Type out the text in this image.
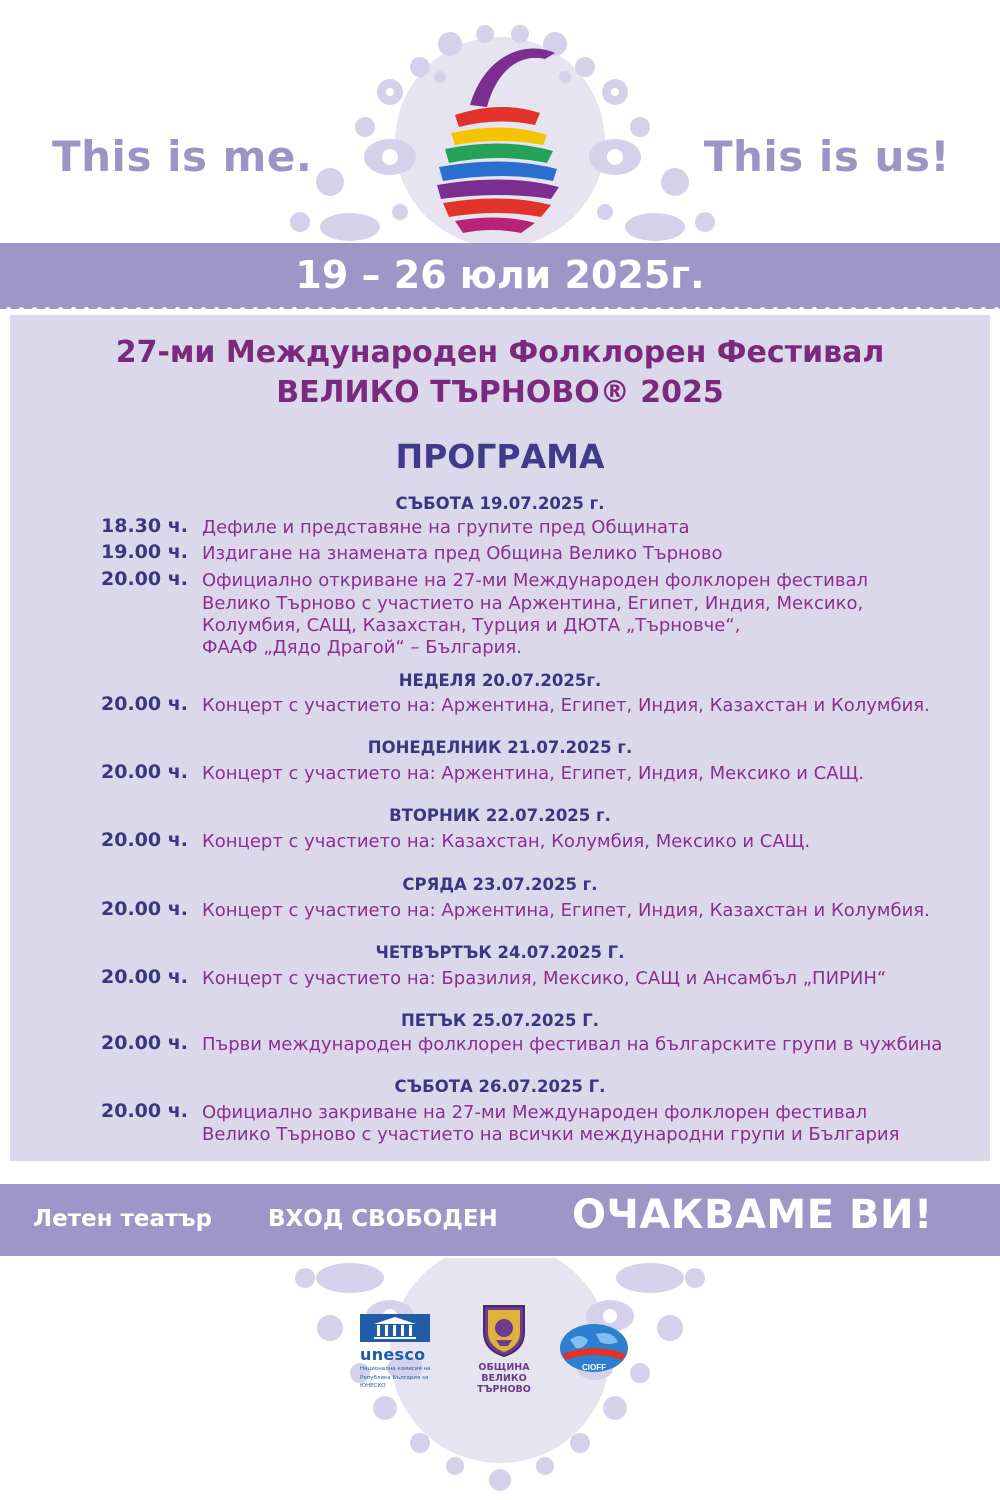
This is me.	This is us!
19 – 26 юли 2025г.
27-ми Международен Фолклорен Фестивал
ВЕЛИКО ТЪРНОВО® 2025
ПРОГРАМА
СЪБОТА 19.07.2025 г.
18.30 ч. Дефиле и представяне на групите пред Общината
19.00 ч. Издигане на знамената пред Община Велико Търново
20.00 ч. Официално откриване на 27-ми Международен фолклорен фестивал
Велико Търново с участието на Аржентина, Египет, Индия, Мексико,
Колумбия, САЩ, Казахстан, Турция и ДЮТА „Търновче“,
ФААФ „Дядо Драгой“ – България.
НЕДЕЛЯ 20.07.2025г.
20.00 ч. Концерт с участието на: Аржентина, Египет, Индия, Казахстан и Колумбия.
ПОНЕДЕЛНИК 21.07.2025 г.
20.00 ч. Концерт с участието на: Аржентина, Египет, Индия, Мексико и САЩ.
ВТОРНИК 22.07.2025 г.
20.00 ч. Концерт с участието на: Казахстан, Колумбия, Мексико и САЩ.
СРЯДА 23.07.2025 г.
20.00 ч. Концерт с участието на: Аржентина, Египет, Индия, Казахстан и Колумбия.
ЧЕТВЪРТЪК 24.07.2025 Г.
20.00 ч. Концерт с участието на: Бразилия, Мексико, САЩ и Ансамбъл „ПИРИН“
ПЕТЪК 25.07.2025 Г.
20.00 ч. Първи международен фолклорен фестивал на българските групи в чужбина
СЪБОТА 26.07.2025 Г.
20.00 ч. Официално закриване на 27-ми Международен фолклорен фестивал
Велико Търново с участието на всички международни групи и България
Летен театър ВХОД СВОБОДЕН ОЧАКВАМЕ ВИ!
unesco
Национална комисия на
Република България за
ЮНЕСКО
ОБЩИНА
ВЕЛИКО ТЪРНОВО
CIOFF
